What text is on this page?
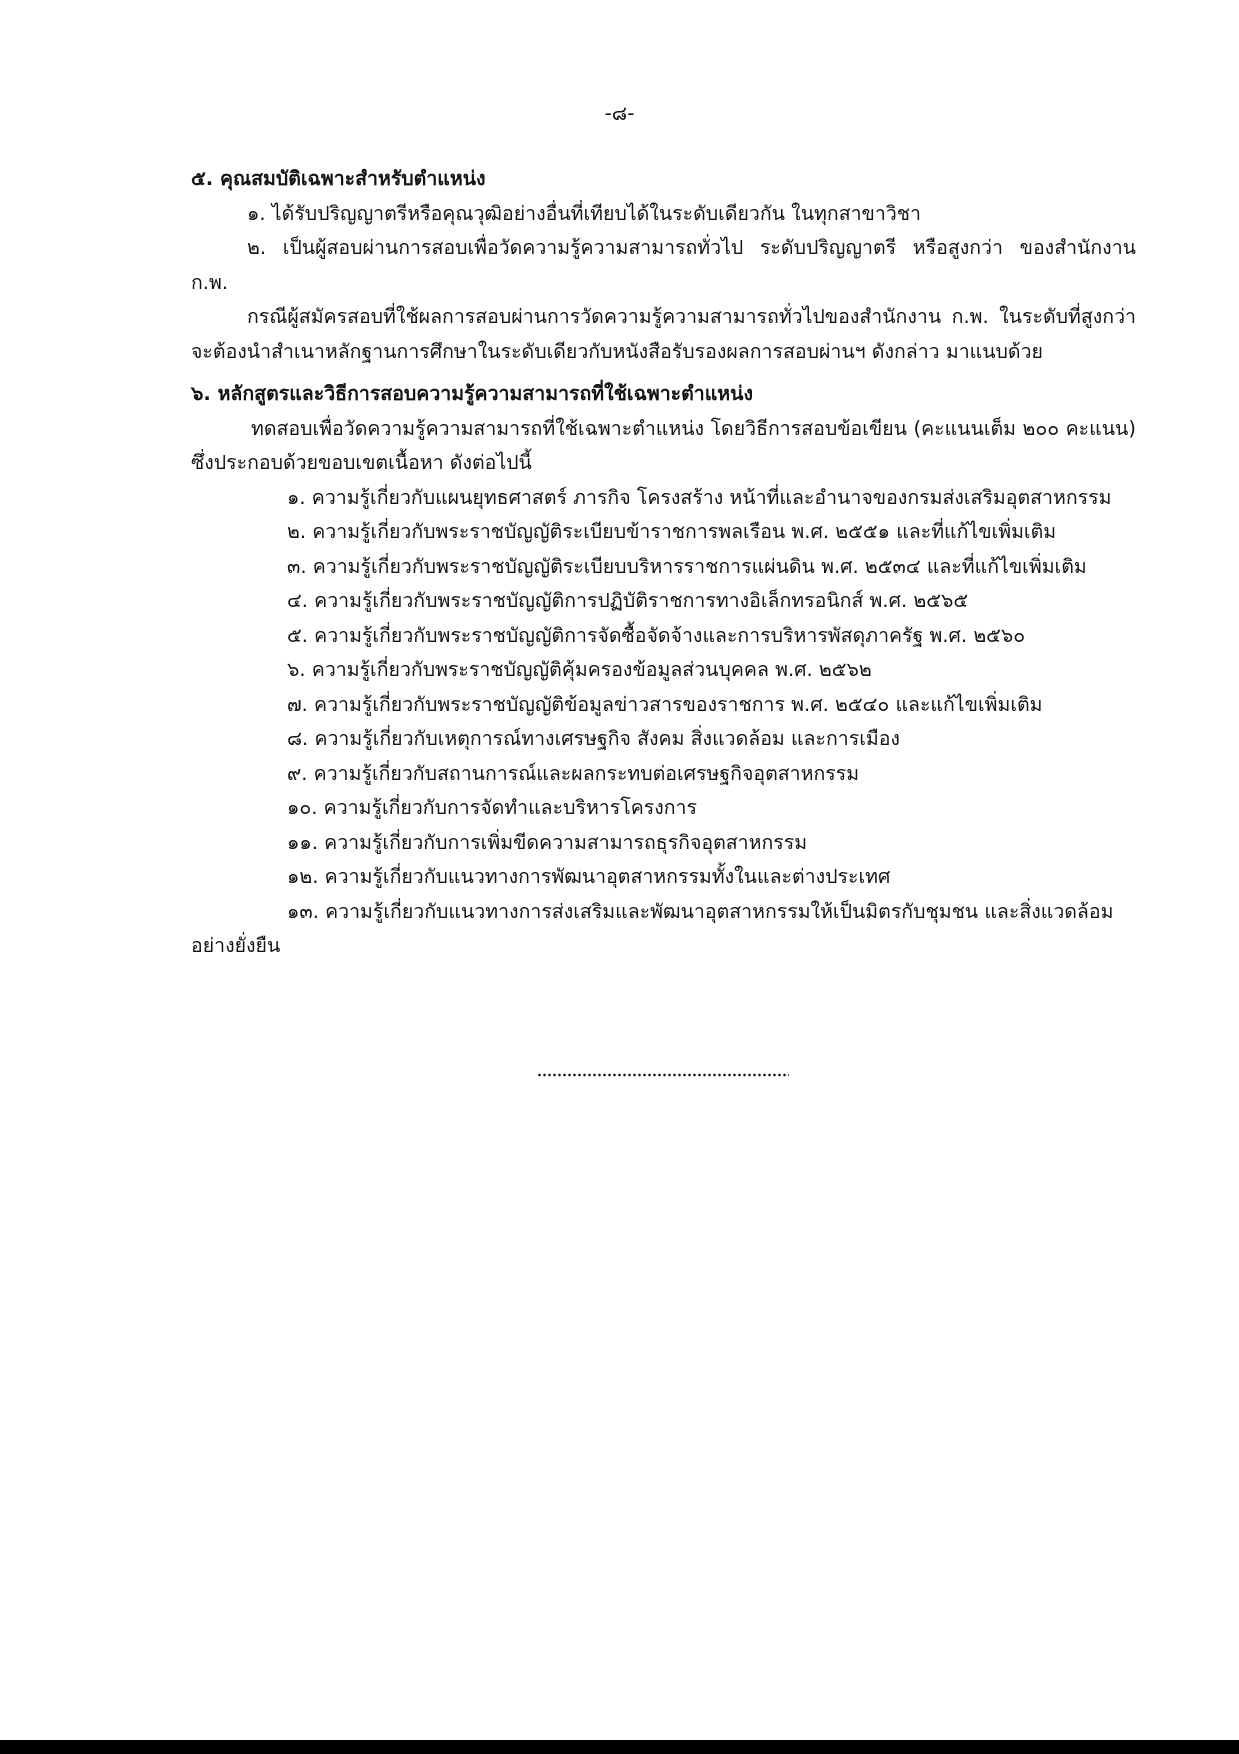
-๘-
๕. คุณสมบัติเฉพาะสำหรับตำแหน่ง

๑. ได้รับปริญญาตรีหรือคุณวุฒิอย่างอื่นที่เทียบได้ในระดับเดียวกัน ในทุกสาขาวิชา

๒. เป็นผู้สอบผ่านการสอบเพื่อวัดความรู้ความสามารถทั่วไป ระดับปริญญาตรี หรือสูงกว่า ของสำนักงาน ก.พ.

กรณีผู้สมัครสอบที่ใช้ผลการสอบผ่านการวัดความรู้ความสามารถทั่วไปของสำนักงาน ก.พ. ในระดับที่สูงกว่า จะต้องนำสำเนาหลักฐานการศึกษาในระดับเดียวกับหนังสือรับรองผลการสอบผ่านฯ ดังกล่าว มาแนบด้วย

๖. หลักสูตรและวิธีการสอบความรู้ความสามารถที่ใช้เฉพาะตำแหน่ง

ทดสอบเพื่อวัดความรู้ความสามารถที่ใช้เฉพาะตำแหน่ง โดยวิธีการสอบข้อเขียน (คะแนนเต็ม ๒๐๐ คะแนน) ซึ่งประกอบด้วยขอบเขตเนื้อหา ดังต่อไปนี้

๑. ความรู้เกี่ยวกับแผนยุทธศาสตร์ ภารกิจ โครงสร้าง หน้าที่และอำนาจของกรมส่งเสริมอุตสาหกรรม
๒. ความรู้เกี่ยวกับพระราชบัญญัติระเบียบข้าราชการพลเรือน พ.ศ. ๒๕๕๑ และที่แก้ไขเพิ่มเติม
๓. ความรู้เกี่ยวกับพระราชบัญญัติระเบียบบริหารราชการแผ่นดิน พ.ศ. ๒๕๓๔ และที่แก้ไขเพิ่มเติม
๔. ความรู้เกี่ยวกับพระราชบัญญัติการปฏิบัติราชการทางอิเล็กทรอนิกส์ พ.ศ. ๒๕๖๕
๕. ความรู้เกี่ยวกับพระราชบัญญัติการจัดซื้อจัดจ้างและการบริหารพัสดุภาครัฐ พ.ศ. ๒๕๖๐
๖. ความรู้เกี่ยวกับพระราชบัญญัติคุ้มครองข้อมูลส่วนบุคคล พ.ศ. ๒๕๖๒
๗. ความรู้เกี่ยวกับพระราชบัญญัติข้อมูลข่าวสารของราชการ พ.ศ. ๒๕๔๐ และแก้ไขเพิ่มเติม
๘. ความรู้เกี่ยวกับเหตุการณ์ทางเศรษฐกิจ สังคม สิ่งแวดล้อม และการเมือง
๙. ความรู้เกี่ยวกับสถานการณ์และผลกระทบต่อเศรษฐกิจอุตสาหกรรม
๑๐. ความรู้เกี่ยวกับการจัดทำและบริหารโครงการ
๑๑. ความรู้เกี่ยวกับการเพิ่มขีดความสามารถธุรกิจอุตสาหกรรม
๑๒. ความรู้เกี่ยวกับแนวทางการพัฒนาอุตสาหกรรมทั้งในและต่างประเทศ
๑๓. ความรู้เกี่ยวกับแนวทางการส่งเสริมและพัฒนาอุตสาหกรรมให้เป็นมิตรกับชุมชน และสิ่งแวดล้อมอย่างยั่งยืน
